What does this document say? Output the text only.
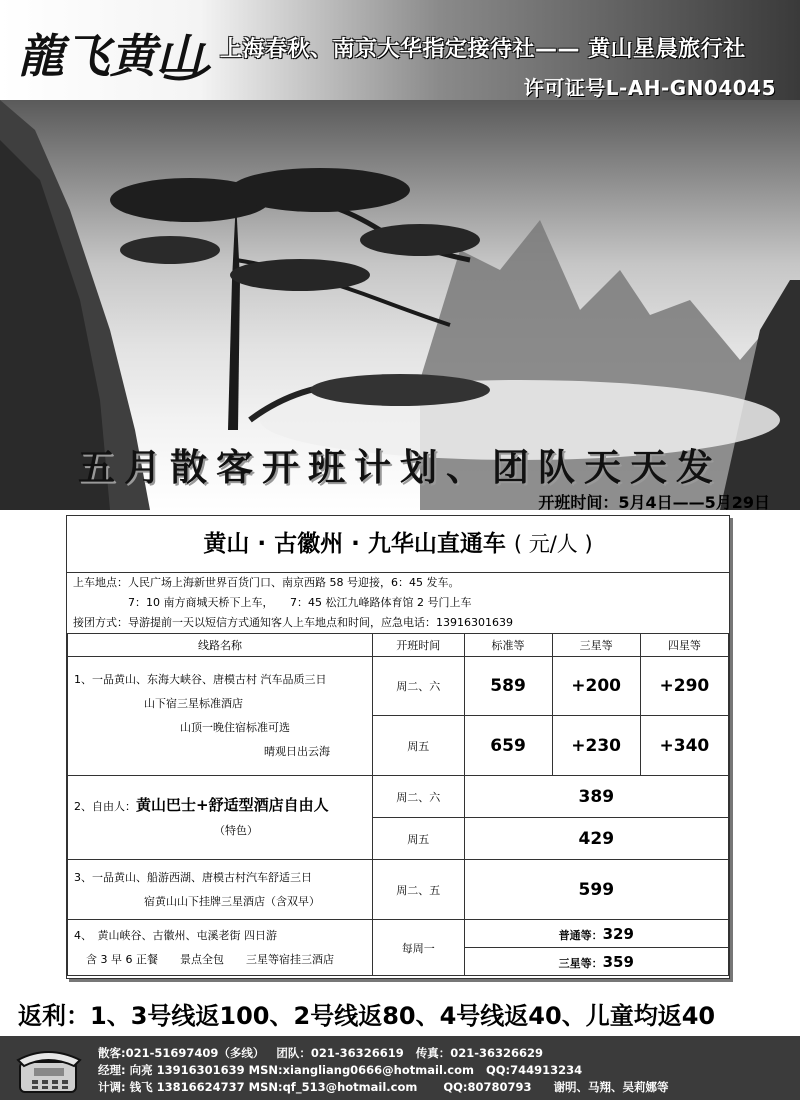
龍飞黄山 上海春秋、南京大华指定接待社—— 黄山星晨旅行社
许可证号L-AH-GN04045
开班时间：5月4日——5月29日
五月散客开班计划、团队天天发
黄山 · 古徽州 · 九华山直通车 ( 元/人 )
上车地点：人民广场上海新世界百货门口、南京西路 58 号迎接，6：45 发车。
　　　　　7：10 南方商城天桥下上车，　　7：45 松江九峰路体育馆 2 号门上车
接团方式：导游提前一天以短信方式通知客人上车地点和时间，应急电话：13916301639
线路名称	开班时间	标准等	三星等	四星等

1、一品黄山、东海大峡谷、唐模古村 汽车品质三日
山下宿三星标准酒店
山顶一晚住宿标准可选
晴观日出云海	周二、六	589	+200	+290
	周五	659	+230	+340

2、自由人：黄山巴士+舒适型酒店自由人
（特色）	周二、六	389		
	周五	429		

3、一品黄山、船游西湖、唐模古村汽车舒适三日
宿黄山山下挂牌三星酒店（含双早）	周二、五	599		

4、　黄山峡谷、古徽州、屯溪老街 四日游
含 3 早 6 正餐　　景点全包　　三星等宿挂三酒店	每周一	普通等：329		
		三星等：359		
返利：1、3号线返100、2号线返80、4号线返40、儿童均返40
散客:021-51697409（多线） 团队：021-36326619 传真：021-36326629
经理: 向亮 13916301639 MSN:xiangliang0666@hotmail.com QQ:744913234
计调: 钱飞 13816624737 MSN:qf_513@hotmail.com QQ:80780793 谢明、马翔、吴莉娜等
